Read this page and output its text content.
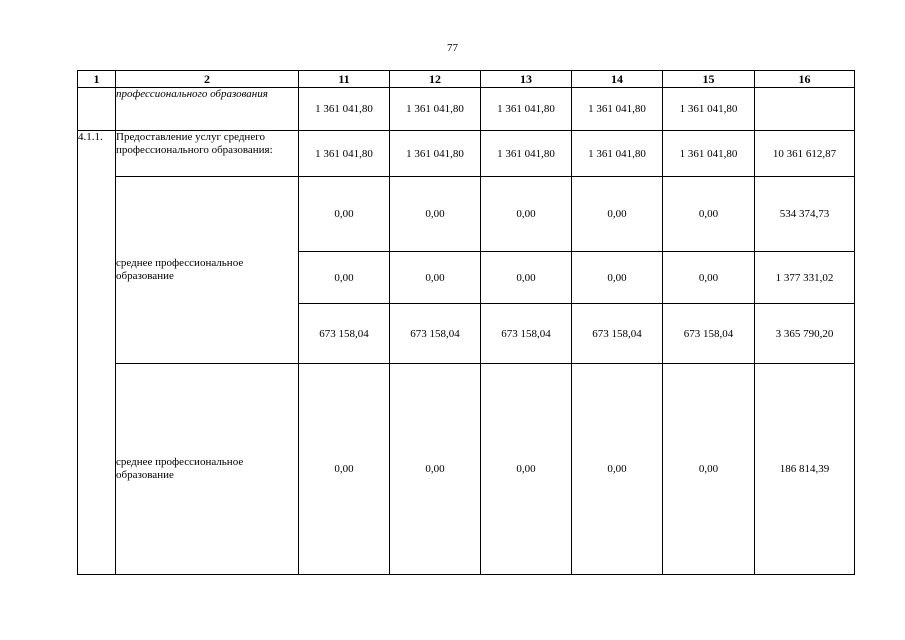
77
1	2	11	12	13	14	15	16
	профессионального образования	1 361 041,80	1 361 041,80	1 361 041,80	1 361 041,80	1 361 041,80	
4.1.1.	Предоставление услуг среднего профессионального образования:	1 361 041,80	1 361 041,80	1 361 041,80	1 361 041,80	1 361 041,80	10 361 612,87
	среднее профессиональное образование	0,00	0,00	0,00	0,00	0,00	534 374,73
		0,00	0,00	0,00	0,00	0,00	1 377 331,02
		673 158,04	673 158,04	673 158,04	673 158,04	673 158,04	3 365 790,20
	среднее профессиональное образование	0,00	0,00	0,00	0,00	0,00	186 814,39
